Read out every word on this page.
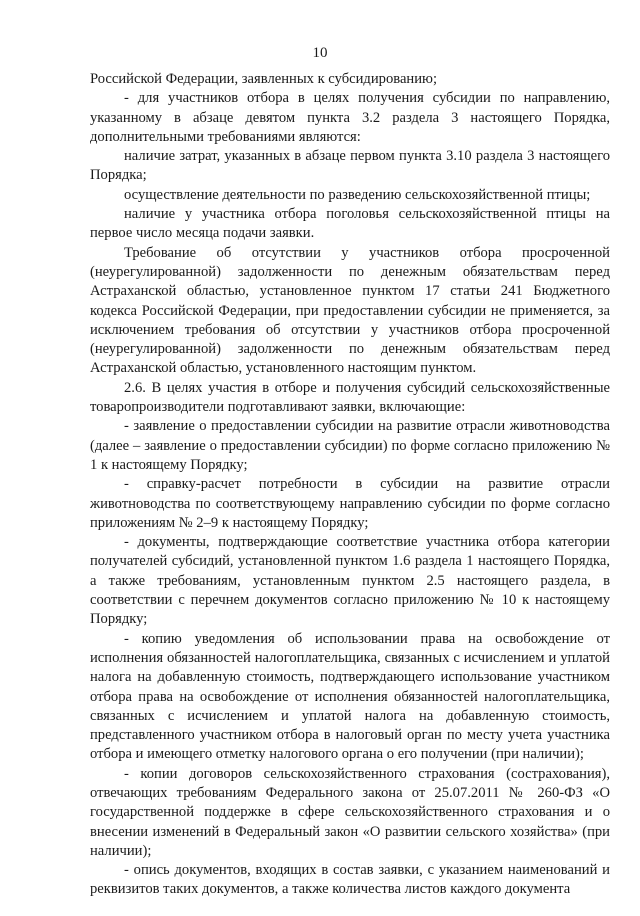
10

Российской Федерации, заявленных к субсидированию;

- для участников отбора в целях получения субсидии по направлению, указанному в абзаце девятом пункта 3.2 раздела 3 настоящего Порядка, дополнительными требованиями являются:

наличие затрат, указанных в абзаце первом пункта 3.10 раздела 3 настоящего Порядка;

осуществление деятельности по разведению сельскохозяйственной птицы;

наличие у участника отбора поголовья сельскохозяйственной птицы на первое число месяца подачи заявки.

Требование об отсутствии у участников отбора просроченной (неурегулированной) задолженности по денежным обязательствам перед Астраханской областью, установленное пунктом 17 статьи 241 Бюджетного кодекса Российской Федерации, при предоставлении субсидии не применяется, за исключением требования об отсутствии у участников отбора просроченной (неурегулированной) задолженности по денежным обязательствам перед Астраханской областью, установленного настоящим пунктом.

2.6. В целях участия в отборе и получения субсидий сельскохозяйственные товаропроизводители подготавливают заявки, включающие:

- заявление о предоставлении субсидии на развитие отрасли животноводства (далее – заявление о предоставлении субсидии) по форме согласно приложению № 1 к настоящему Порядку;

- справку-расчет потребности в субсидии на развитие отрасли животноводства по соответствующему направлению субсидии по форме согласно приложениям № 2–9 к настоящему Порядку;

- документы, подтверждающие соответствие участника отбора категории получателей субсидий, установленной пунктом 1.6 раздела 1 настоящего Порядка, а также требованиям, установленным пунктом 2.5 настоящего раздела, в соответствии с перечнем документов согласно приложению № 10 к настоящему Порядку;

- копию уведомления об использовании права на освобождение от исполнения обязанностей налогоплательщика, связанных с исчислением и уплатой налога на добавленную стоимость, подтверждающего использование участником отбора права на освобождение от исполнения обязанностей налогоплательщика, связанных с исчислением и уплатой налога на добавленную стоимость, представленного участником отбора в налоговый орган по месту учета участника отбора и имеющего отметку налогового органа о его получении (при наличии);

- копии договоров сельскохозяйственного страхования (сострахования), отвечающих требованиям Федерального закона от 25.07.2011 № 260-ФЗ «О государственной поддержке в сфере сельскохозяйственного страхования и о внесении изменений в Федеральный закон «О развитии сельского хозяйства» (при наличии);

- опись документов, входящих в состав заявки, с указанием наименований и реквизитов таких документов, а также количества листов каждого документа
